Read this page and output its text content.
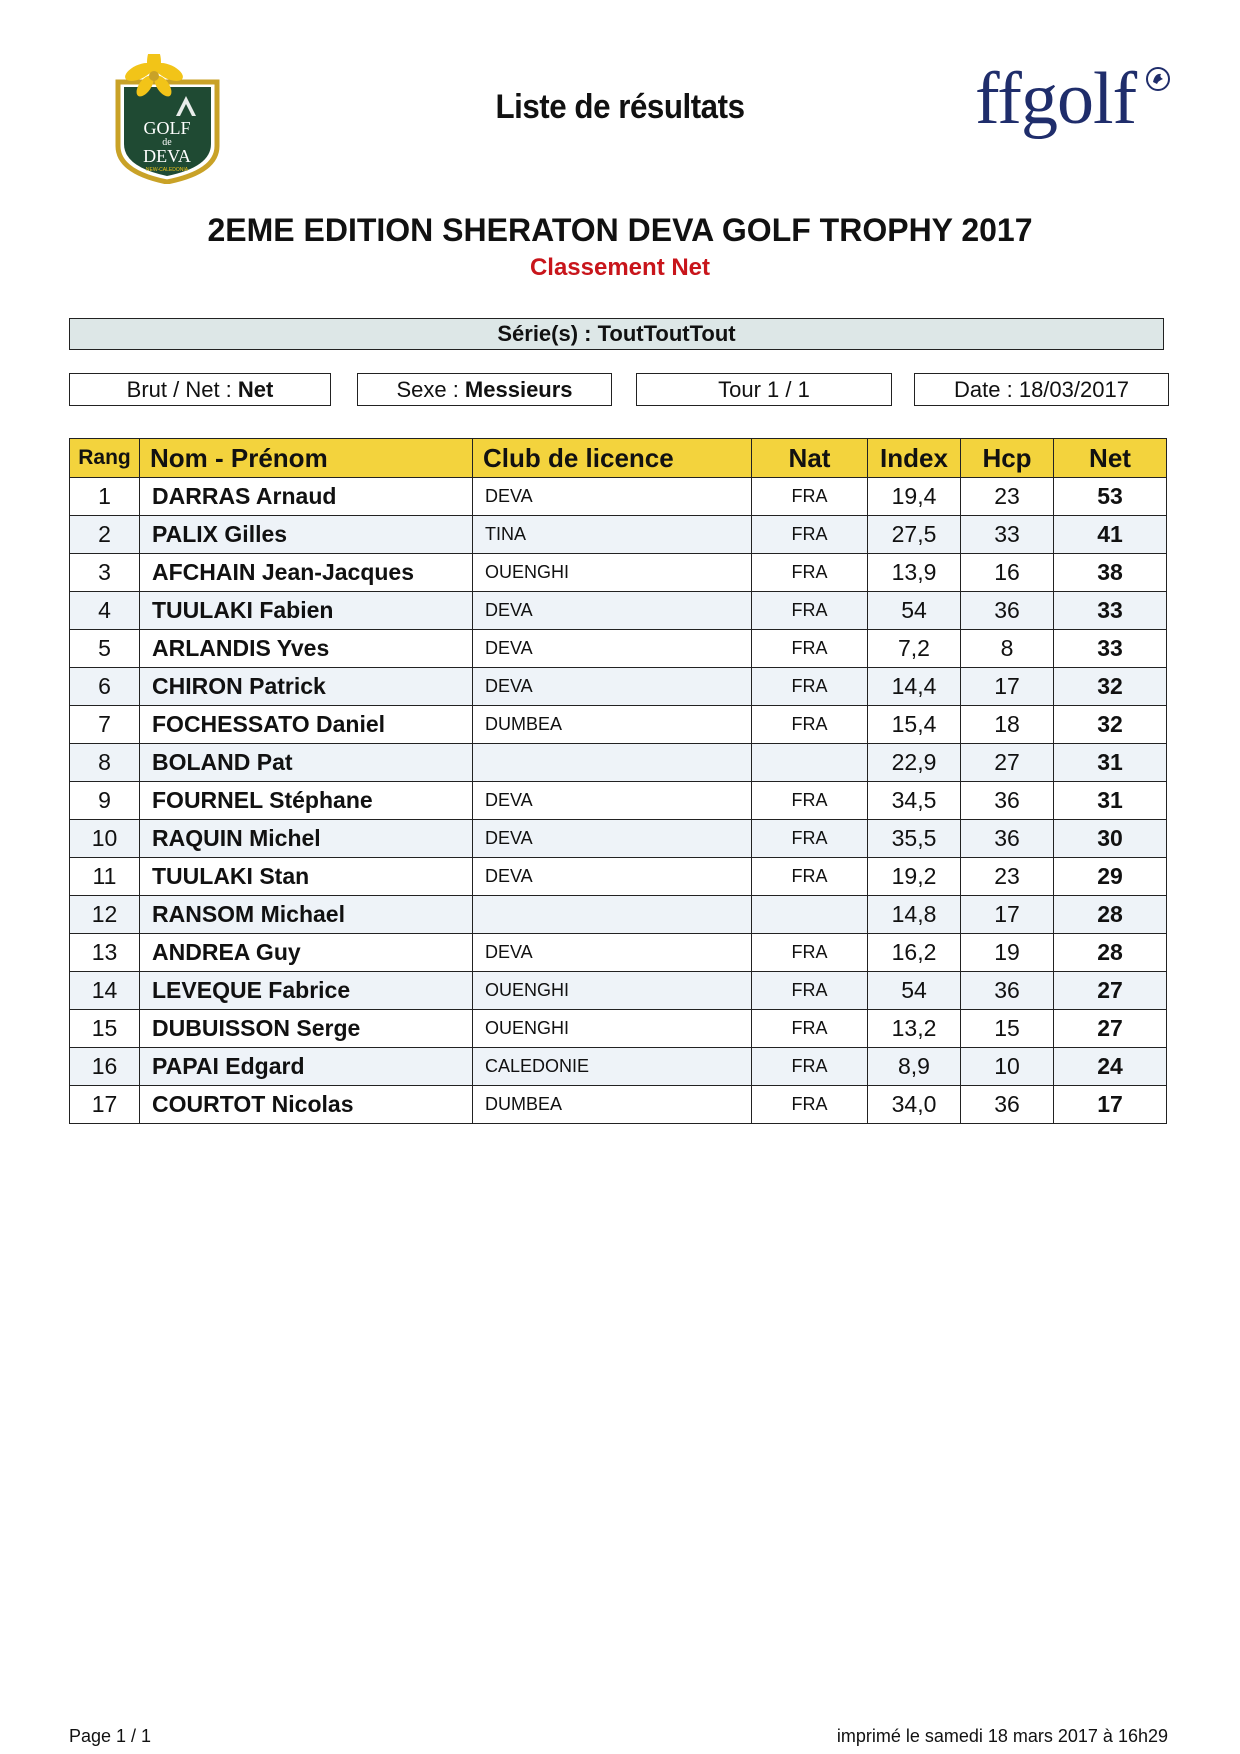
GOLF
de
DEVA
NEW-CALEDONIA
ffgolf
Liste de résultats
2EME EDITION SHERATON DEVA GOLF TROPHY 2017
Classement Net
Série(s) : ToutToutTout
Brut / Net : Net	Sexe : Messieurs	Tour 1 / 1	Date : 18/03/2017
Rang	Nom - Prénom	Club de licence	Nat	Index	Hcp	Net
1	DARRAS Arnaud	DEVA	FRA	19,4	23	53
2	PALIX Gilles	TINA	FRA	27,5	33	41
3	AFCHAIN Jean-Jacques	OUENGHI	FRA	13,9	16	38
4	TUULAKI Fabien	DEVA	FRA	54	36	33
5	ARLANDIS Yves	DEVA	FRA	7,2	8	33
6	CHIRON Patrick	DEVA	FRA	14,4	17	32
7	FOCHESSATO Daniel	DUMBEA	FRA	15,4	18	32
8	BOLAND Pat			22,9	27	31
9	FOURNEL Stéphane	DEVA	FRA	34,5	36	31
10	RAQUIN Michel	DEVA	FRA	35,5	36	30
11	TUULAKI Stan	DEVA	FRA	19,2	23	29
12	RANSOM Michael			14,8	17	28
13	ANDREA Guy	DEVA	FRA	16,2	19	28
14	LEVEQUE Fabrice	OUENGHI	FRA	54	36	27
15	DUBUISSON Serge	OUENGHI	FRA	13,2	15	27
16	PAPAI Edgard	CALEDONIE	FRA	8,9	10	24
17	COURTOT Nicolas	DUMBEA	FRA	34,0	36	17
Page 1 / 1	imprimé le samedi 18 mars 2017 à 16h29
